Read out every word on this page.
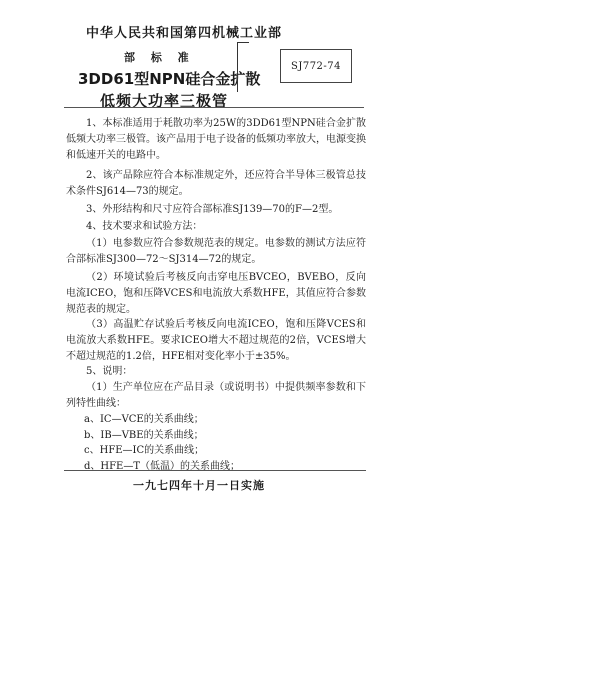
中华人民共和国第四机械工业部
部 标 准
3DD61型NPN硅合金扩散
低频大功率三极管
SJ772-74

1、本标准适用于耗散功率为25W的3DD61型NPN硅合金扩散低频大功率三极管。该产品用于电子设备的低频功率放大，电源变换和低速开关的电路中。

2、该产品除应符合本标准规定外，还应符合半导体三极管总技术条件SJ614—73的规定。

3、外形结构和尺寸应符合部标准SJ139—70的F—2型。

4、技术要求和试验方法：

（1）电参数应符合参数规范表的规定。电参数的测试方法应符合部标准SJ300—72～SJ314—72的规定。

（2）环境试验后考核反向击穿电压BVCEO，BVEBO，反向电流ICEO，饱和压降VCES和电流放大系数HFE，其值应符合参数规范表的规定。

（3）高温贮存试验后考核反向电流ICEO，饱和压降VCES和电流放大系数HFE。要求ICEO增大不超过规范的2倍，VCES增大不超过规范的1.2倍，HFE相对变化率小于±35%。

5、说明：

（1）生产单位应在产品目录（或说明书）中提供频率参数和下列特性曲线：

a、IC—VCE的关系曲线；
b、IB—VBE的关系曲线；
c、HFE—IC的关系曲线；
d、HFE—T（低温）的关系曲线；
一九七四年十月一日实施
